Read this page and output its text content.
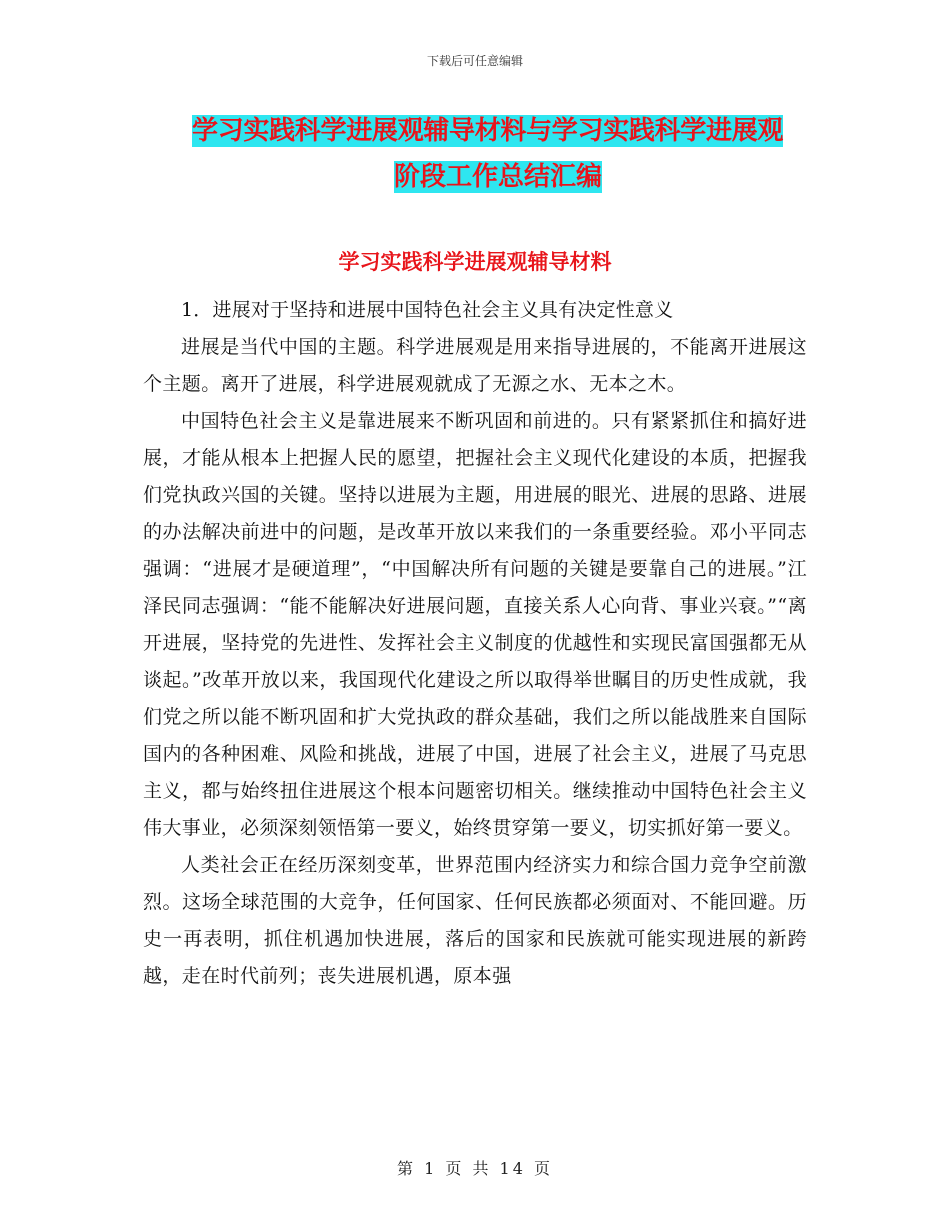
下载后可任意编辑
学习实践科学进展观辅导材料与学习实践科学进展观
阶段工作总结汇编
学习实践科学进展观辅导材料

1．进展对于坚持和进展中国特色社会主义具有决定性意义

进展是当代中国的主题。科学进展观是用来指导进展的，不能离开进展这个主题。离开了进展，科学进展观就成了无源之水、无本之木。

中国特色社会主义是靠进展来不断巩固和前进的。只有紧紧抓住和搞好进展，才能从根本上把握人民的愿望，把握社会主义现代化建设的本质，把握我们党执政兴国的关键。坚持以进展为主题，用进展的眼光、进展的思路、进展的办法解决前进中的问题，是改革开放以来我们的一条重要经验。邓小平同志强调：“进展才是硬道理”，“中国解决所有问题的关键是要靠自己的进展。”江泽民同志强调：“能不能解决好进展问题，直接关系人心向背、事业兴衰。”“离开进展，坚持党的先进性、发挥社会主义制度的优越性和实现民富国强都无从谈起。”改革开放以来，我国现代化建设之所以取得举世瞩目的历史性成就，我们党之所以能不断巩固和扩大党执政的群众基础，我们之所以能战胜来自国际国内的各种困难、风险和挑战，进展了中国，进展了社会主义，进展了马克思主义，都与始终扭住进展这个根本问题密切相关。继续推动中国特色社会主义伟大事业，必须深刻领悟第一要义，始终贯穿第一要义，切实抓好第一要义。

人类社会正在经历深刻变革，世界范围内经济实力和综合国力竞争空前激烈。这场全球范围的大竞争，任何国家、任何民族都必须面对、不能回避。历史一再表明，抓住机遇加快进展，落后的国家和民族就可能实现进展的新跨越，走在时代前列；丧失进展机遇，原本强

第 1 页 共 14 页
